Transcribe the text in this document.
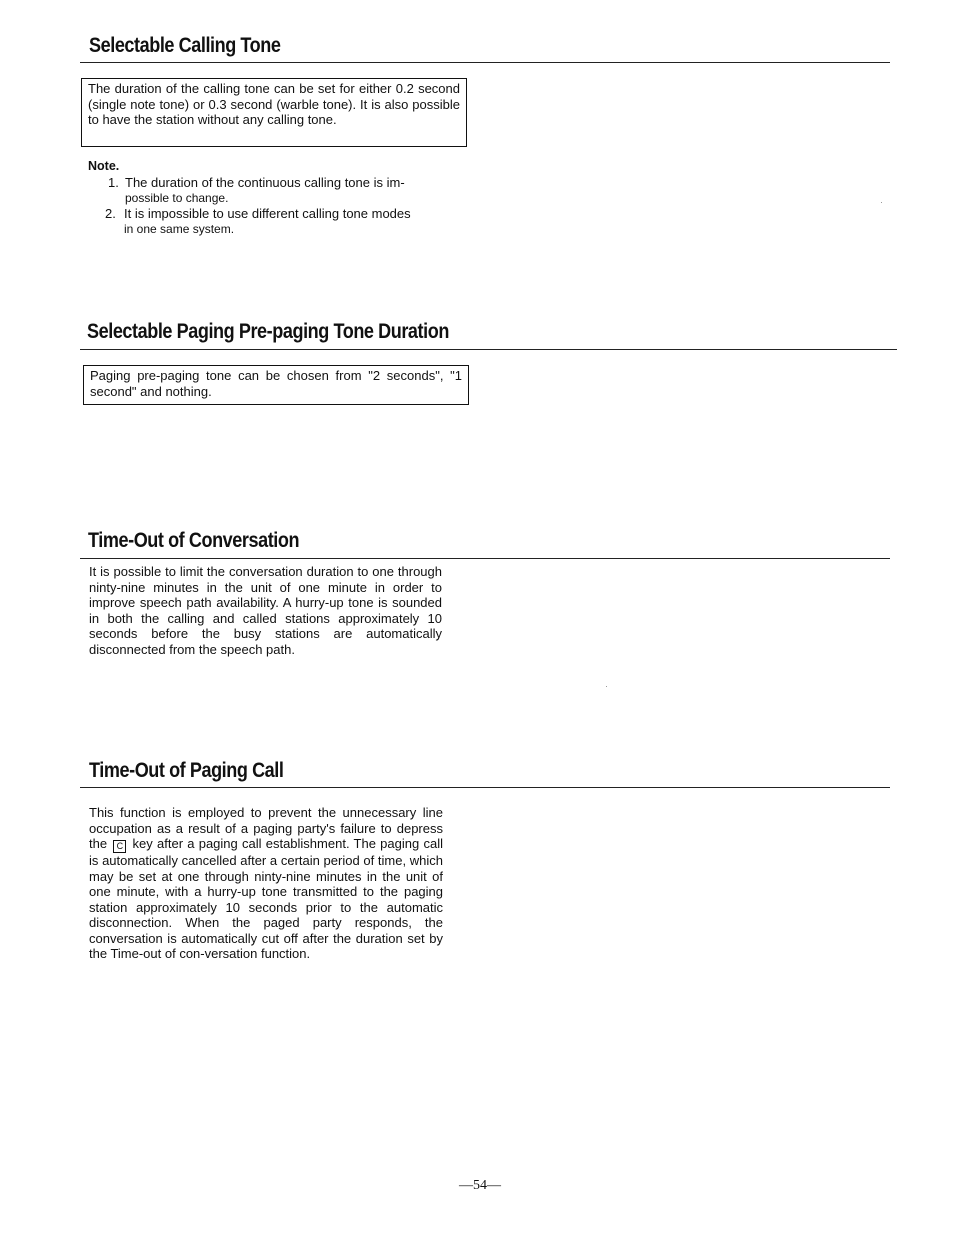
Selectable Calling Tone
The duration of the calling tone can be set for either 0.2 second (single note tone) or 0.3 second (warble tone). It is also possible to have the station without any calling tone.
Note.
1. The duration of the continuous calling tone is im-
possible to change.
2. It is impossible to use different calling tone modes
in one same system.
Selectable Paging Pre-paging Tone Duration
Paging pre-paging tone can be chosen from "2 seconds", "1 second" and nothing.
Time-Out of Conversation

It is possible to limit the conversation duration to one through ninty-nine minutes in the unit of one minute in order to improve speech path availability. A hurry-up tone is sounded in both the calling and called stations approximately 10 seconds before the busy stations are automatically disconnected from the speech path.

Time-Out of Paging Call

This function is employed to prevent the unnecessary line occupation as a result of a paging party's failure to depress the C key after a paging call establishment. The paging call is automatically cancelled after a certain period of time, which may be set at one through ninty-nine minutes in the unit of one minute, with a hurry-up tone transmitted to the paging station approximately 10 seconds prior to the automatic disconnection. When the paged party responds, the conversation is automatically cut off after the duration set by the Time-out of con-versation function.

—54—
